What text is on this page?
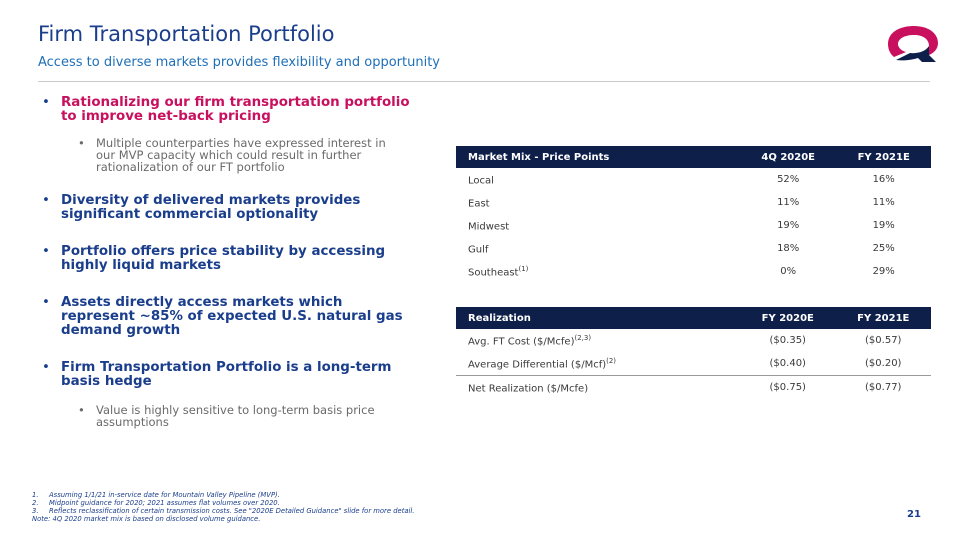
Firm Transportation Portfolio

Access to diverse markets provides flexibility and opportunity

• Rationalizing our firm transportation portfolio to improve net-back pricing
• Multiple counterparties have expressed interest in our MVP capacity which could result in further rationalization of our FT portfolio
• Diversity of delivered markets provides significant commercial optionality
• Portfolio offers price stability by accessing highly liquid markets
• Assets directly access markets which represent ~85% of expected U.S. natural gas demand growth
• Firm Transportation Portfolio is a long-term basis hedge
• Value is highly sensitive to long-term basis price assumptions
Market Mix - Price Points	4Q 2020E	FY 2021E
Local	52%	16%
East	11%	11%
Midwest	19%	19%
Gulf	18%	25%
Southeast$^{(1)}$	0%	29%
Realization	FY 2020E	FY 2021E
Avg. FT Cost ($/Mcfe)$^{(2,3)}$	($0.35)	($0.57)
Average Differential ($/Mcf)$^{(2)}$	($0.40)	($0.20)
Net Realization ($/Mcfe)	($0.75)	($0.77)
1.	Assuming 1/1/21 in-service date for Mountain Valley Pipeline (MVP).
2.	Midpoint guidance for 2020; 2021 assumes flat volumes over 2020.
3.	Reflects reclassification of certain transmission costs. See "2020E Detailed Guidance" slide for more detail.
Note: 4Q 2020 market mix is based on disclosed volume guidance.	21
